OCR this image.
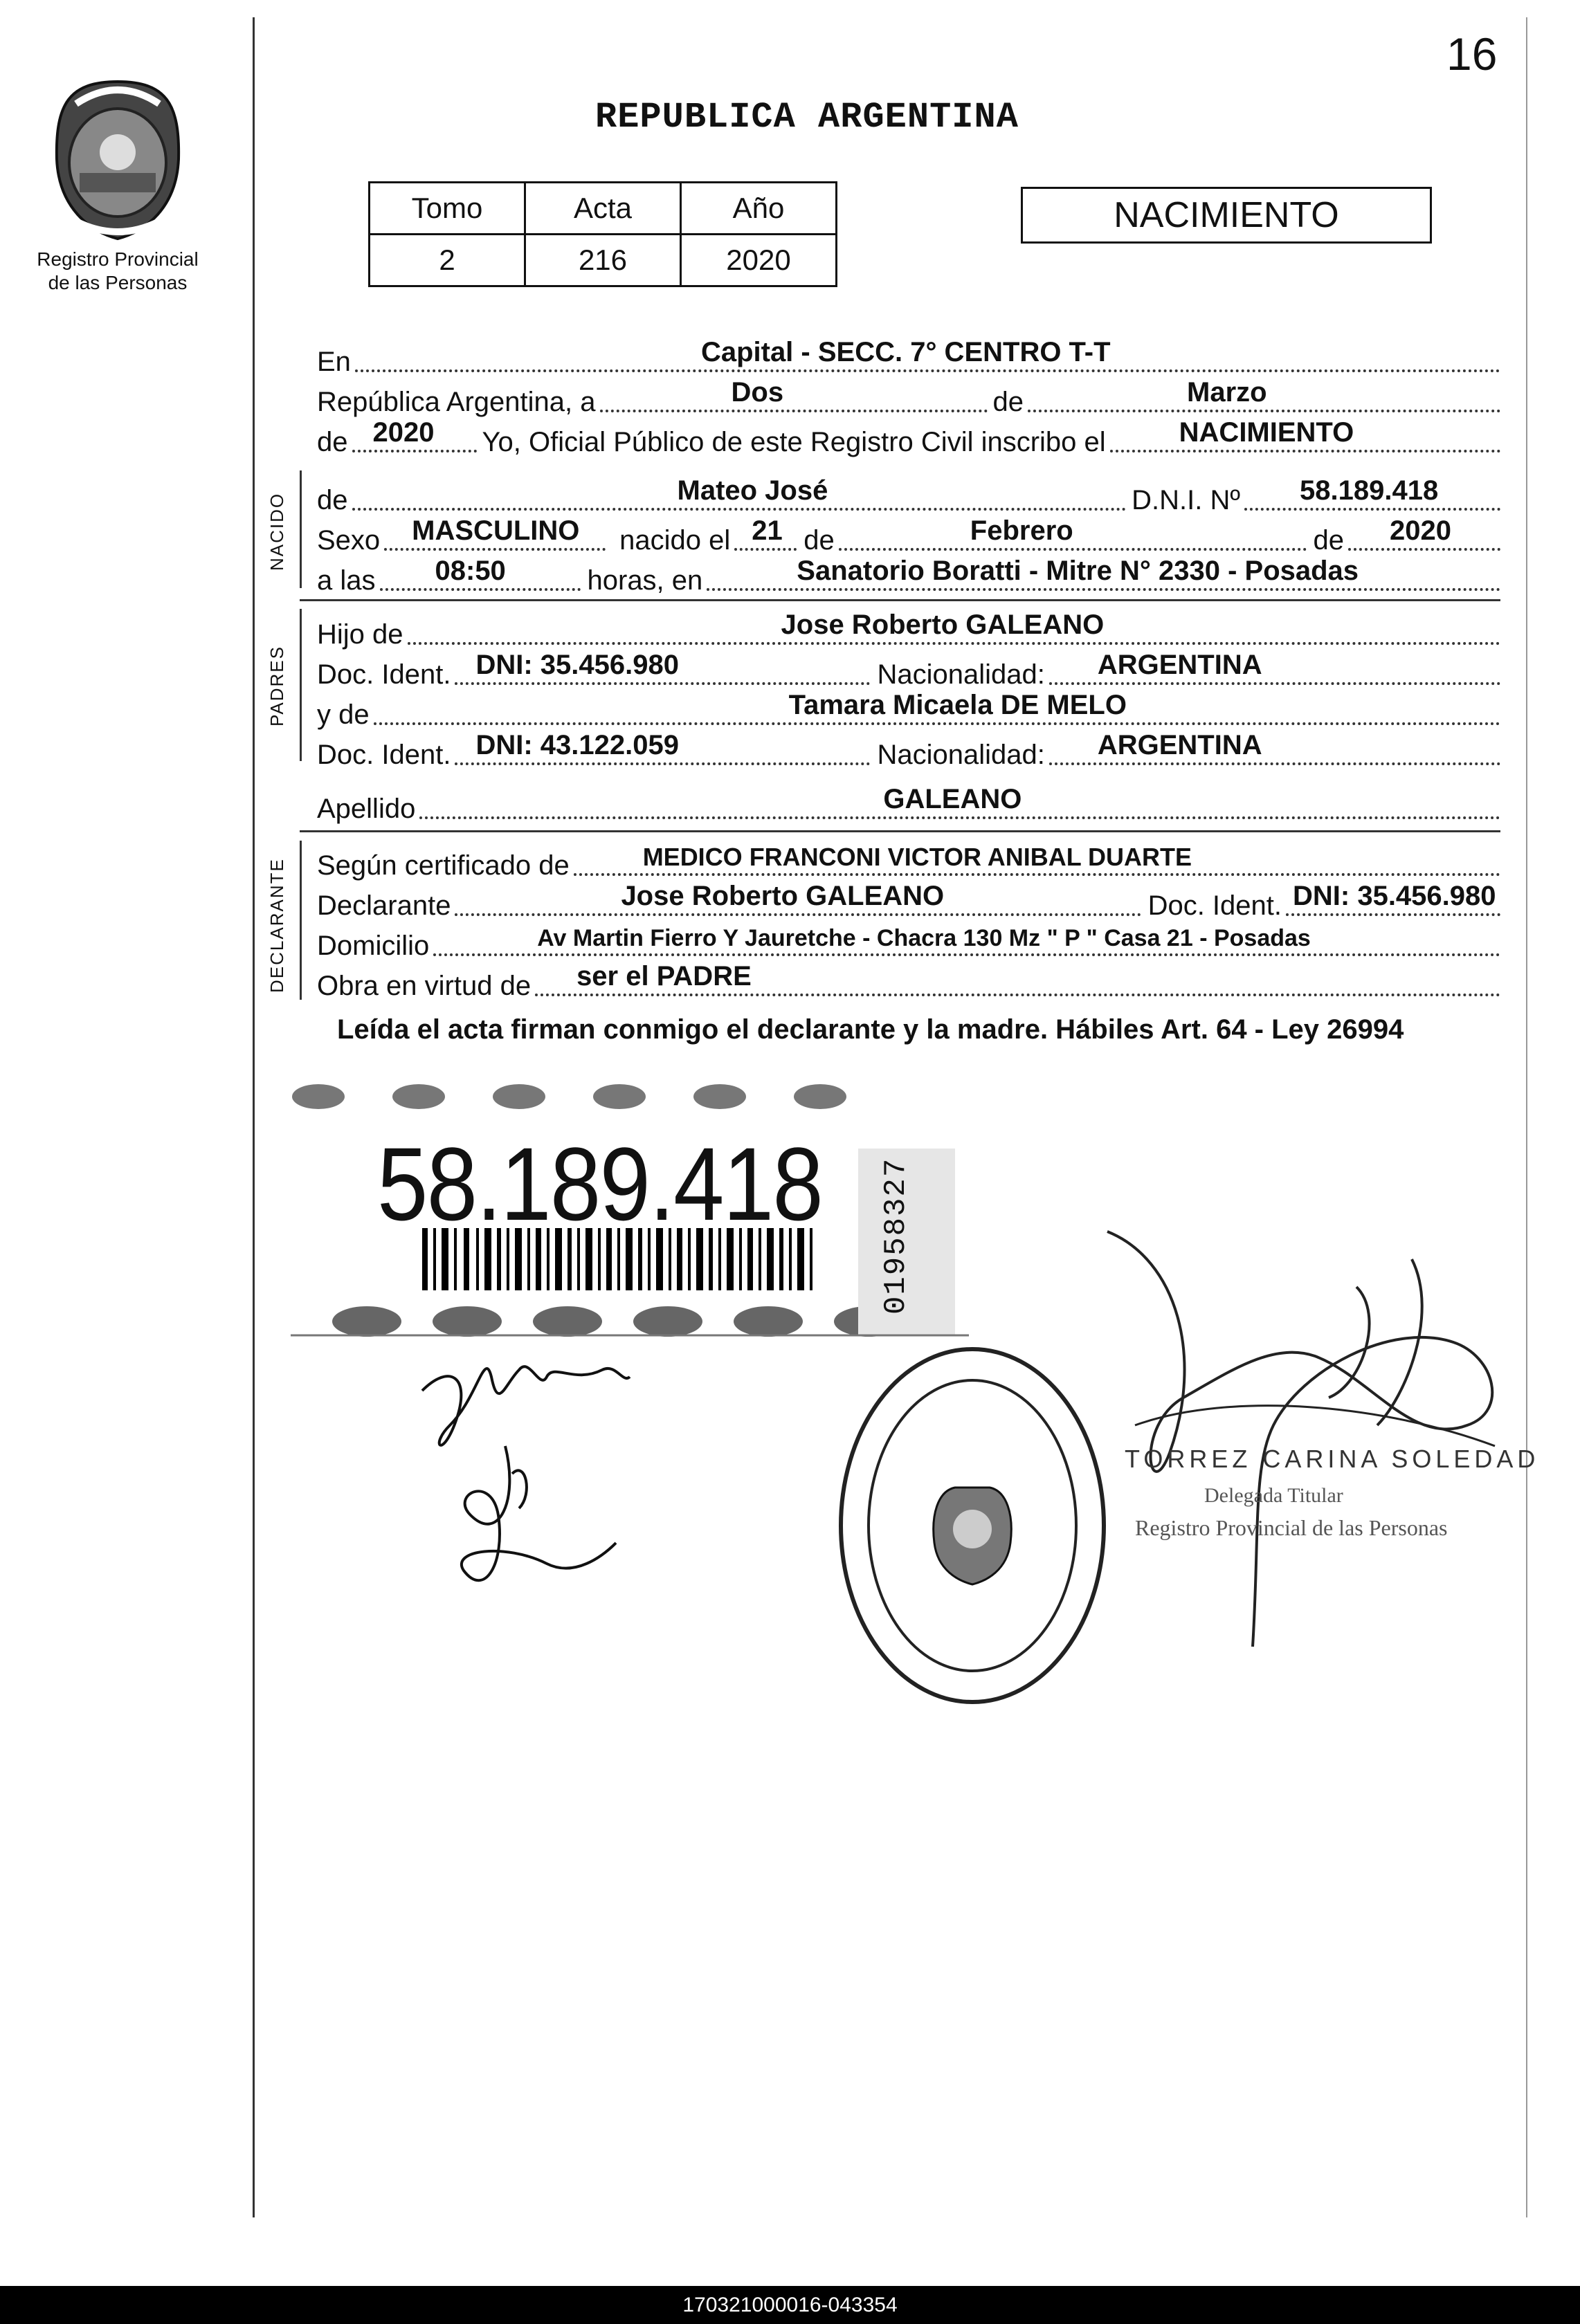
16
Registro Provincial
de las Personas
REPUBLICA ARGENTINA
Tomo	Acta	Año
2	216	2020
NACIMIENTO
En	Capital - SECC. 7° CENTRO T-T
República Argentina, a	Dos	de	Marzo
de 2020 Yo, Oficial Público de este Registro Civil inscribo el	NACIMIENTO
NACIDO de	Mateo José	D.N.I. Nº 58.189.418
Sexo MASCULINO	nacido el 21 de	Febrero	de 2020
a las 08:50	horas, en	Sanatorio Boratti - Mitre N° 2330 - Posadas
PADRES
Hijo de	Jose Roberto GALEANO
Doc. Ident. DNI: 35.456.980	Nacionalidad: ARGENTINA
y de	Tamara Micaela DE MELO
Doc. Ident. DNI: 43.122.059	Nacionalidad: ARGENTINA
Apellido	GALEANO
DECLARANTE Según certificado de	MEDICO FRANCONI VICTOR ANIBAL DUARTE
Declarante	Jose Roberto GALEANO	Doc. Ident. DNI: 35.456.980
Domicilio	Av Martin Fierro Y Jauretche - Chacra 130 Mz " P " Casa 21 - Posadas
Obra en virtud de ser el PADRE
Leída el acta firman conmigo el declarante y la madre. Hábiles Art. 64 - Ley 26994
58.189.418 01958327
TORREZ CARINA SOLEDAD
Delegada Titular
Registro Provincial de las Personas
170321000016-043354
